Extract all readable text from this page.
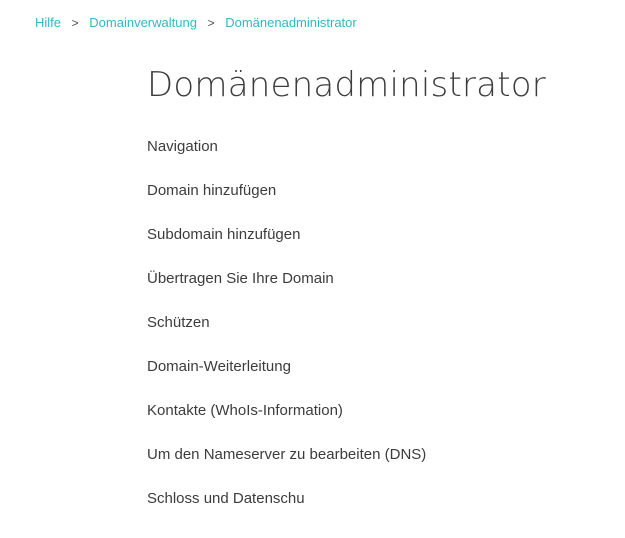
Hilfe > Domainverwaltung > Domänenadministrator
Domänenadministrator
Navigation
Domain hinzufügen
Subdomain hinzufügen
Übertragen Sie Ihre Domain
Schützen
Domain-Weiterleitung
Kontakte (WhoIs-Information)
Um den Nameserver zu bearbeiten (DNS)
Schloss und Datenschu
